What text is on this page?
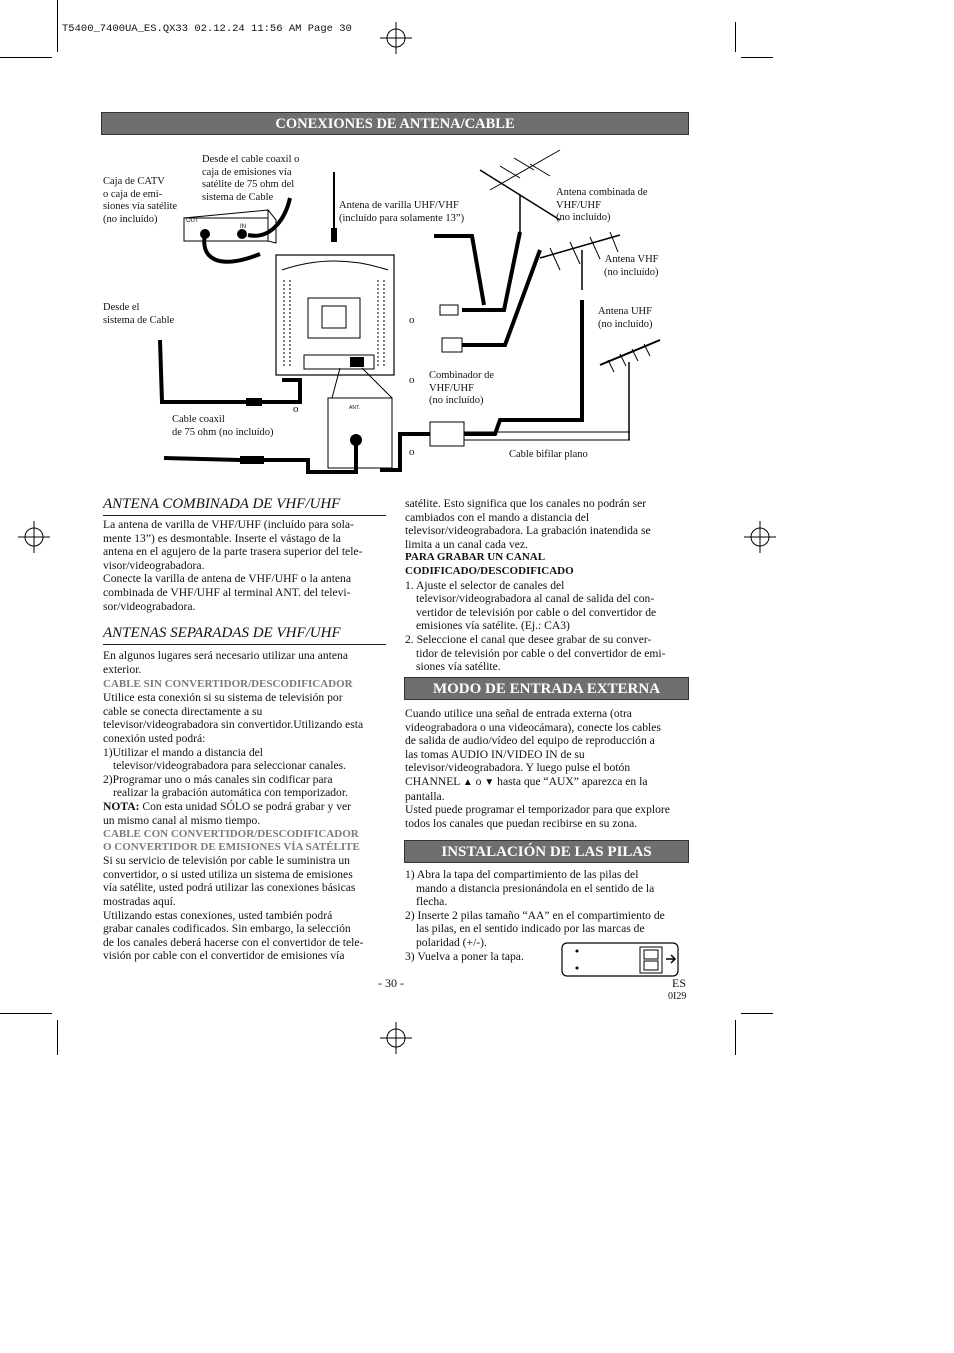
T5400_7400UA_ES.QX33 02.12.24 11:56 AM Page 30
CONEXIONES DE ANTENA/CABLE
Caja de CATV
o caja de emi-
siones vía satélite
(no incluído)
Desde el cable coaxil o
caja de emisiones vía
satélite de 75 ohm del
sistema de Cable
Antena de varilla UHF/VHF
(incluído para solamente 13”)
Antena combinada de
VHF/UHF
(no incluído)
Antena VHF
(no incluído)
Antena UHF
(no incluído)
Desde el
sistema de Cable
Combinador de
VHF/UHF
(no incluído)
Cable coaxil
de 75 ohm (no incluído)
Cable bifilar plano
OUT
IN
ANT.
o
o
o
o
ANTENA COMBINADA DE VHF/UHF

La antena de varilla de VHF/UHF (incluído para sola-
mente 13”) es desmontable. Inserte el vástago de la
antena en el agujero de la parte trasera superior del tele-
visor/videograbadora.

Conecte la varilla de antena de VHF/UHF o la antena
combinada de VHF/UHF al terminal ANT. del televi-
sor/videograbadora.

ANTENAS SEPARADAS DE VHF/UHF

En algunos lugares será necesario utilizar una antena
exterior.

CABLE SIN CONVERTIDOR/DESCODIFICADOR

Utilice esta conexión si su sistema de televisión por
cable se conecta directamente a su
televisor/videograbadora sin convertidor.Utilizando esta
conexión usted podrá:

1)Utilizar el mando a distancia del
televisor/videograbadora para seleccionar canales.

2)Programar uno o más canales sin codificar para
realizar la grabación automática con temporizador.

NOTA: Con esta unidad SÓLO se podrá grabar y ver
un mismo canal al mismo tiempo.

CABLE CON CONVERTIDOR/DESCODIFICADOR
O CONVERTIDOR DE EMISIONES VÍA SATÉLITE

Si su servicio de televisión por cable le suministra un
convertidor, o si usted utiliza un sistema de emisiones
vía satélite, usted podrá utilizar las conexiones básicas
mostradas aquí.

Utilizando estas conexiones, usted también podrá
grabar canales codificados. Sin embargo, la selección
de los canales deberá hacerse con el convertidor de tele-
visión por cable con el convertidor de emisiones vía

satélite. Esto significa que los canales no podrán ser
cambiados con el mando a distancia del
televisor/videograbadora. La grabación inatendida se
limita a un canal cada vez.

PARA GRABAR UN CANAL
CODIFICADO/DESCODIFICADO

1. Ajuste el selector de canales del
televisor/videograbadora al canal de salida del con-
vertidor de televisión por cable o del convertidor de
emisiones vía satélite. (Ej.: CA3)

2. Seleccione el canal que desee grabar de su conver-
tidor de televisión por cable o del convertidor de emi-
siones vía satélite.

MODO DE ENTRADA EXTERNA

Cuando utilice una señal de entrada externa (otra
videograbadora o una videocámara), conecte los cables
de salida de audio/vídeo del equipo de reproducción a
las tomas AUDIO IN/VIDEO IN de su
televisor/videograbadora. Y luego pulse el botón
CHANNEL ▲ o ▼ hasta que “AUX” aparezca en la
pantalla.

Usted puede programar el temporizador para que explore
todos los canales que puedan recibirse en su zona.

INSTALACIÓN DE LAS PILAS

1) Abra la tapa del compartimiento de las pilas del
mando a distancia presionándola en el sentido de la
flecha.

2) Inserte 2 pilas tamaño “AA” en el compartimiento de
las pilas, en el sentido indicado por las marcas de
polaridad (+/-).

3) Vuelva a poner la tapa.

- 30 -	ES
0I29
